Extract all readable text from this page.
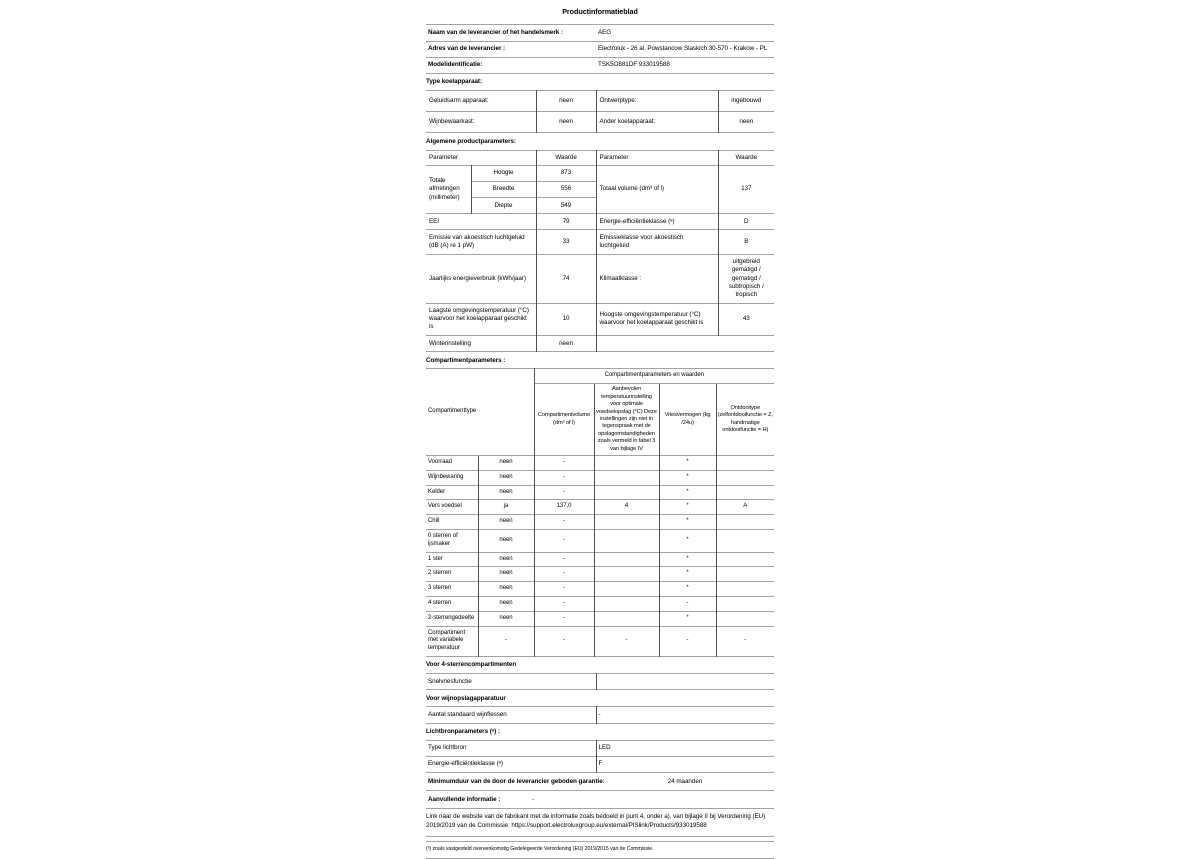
Productinformatieblad
Naam van de leverancier of het handelsmerk :	AEG
Adres van de leverancier :	Electrolux - 26 al. Powstancow Slaskich 30-570 - Krakow - PL
Modelidentificatie:	TSK5O881DF 933019588
Type koelapparaat:
Geluidsarm apparaat:	neen	Ontwerptype:	ingebouwd
Wijnbewaarkast:	neen	Ander koelapparaat:	neen
Algemene productparameters:
Parameter		Waarde	Parameter	Waarde
Totale afmetingen (millimeter)	Hoogte	873	Totaal volume (dm³ of l)	137
	Breedte	556		
	Diepte	549		
EEI		79	Energie-efficiëntieklasse (ᵃ)	D
Emissie van akoestisch luchtgeluid (dB (A) re 1 pW)		33	Emissieklasse voor akoestisch luchtgeluid	B
Jaarlijks energieverbruik (kWh/jaar)		74	Klimaatklasse :	uitgebreid gematigd / gematigd / subtropisch / tropisch
Laagste omgevingstemperatuur (°C) waarvoor het koelapparaat geschikt is		10	Hoogste omgevingstemperatuur (°C) waarvoor het koelapparaat geschikt is	43
Winterinstelling		neen		
Compartimentparameters :
Compartimenttype		Compartimentparameters en waarden			
		Compartimentvolume (dm³ of l)	Aanbevolen temperatuurinstelling voor optimale voedselopslag (°C) Deze instellingen zijn niet in tegenspraak met de opslagomstandigheden zoals vermeld in tabel 3 van bijlage IV	Vriesvermogen (kg /24u)	Ontdooitype (zelfontdooifunctie = Z, handmatige ontdooifunctie = H)
Voorraad	neen	-		*	
Wijnbewaring	neen	-		*	
Kelder	neen	-		*	
Vers voedsel	ja	137,0	4	*	A
Chill	neen	-		*	
0 sterren of ijsmaker	neen	-		*	
1 ster	neen	-		*	
2 sterren	neen	-		*	
3 sterren	neen	-		*	
4 sterren	neen	-		-	
2-sterrengedeelte	neen	-		*	
Compartiment met variabele temperatuur	-	-	-	-	-
Voor 4-sterrencompartimenten
Snelvriesfunctie	
Voor wijnopslagapparatuur
Aantal standaard wijnflessen	-
Lichtbronparameters (ᵃ) :
Type lichtbron	LED
Energie-efficiëntieklasse (ᵃ)	F
Minimumduur van de door de leverancier geboden garantie:	24 maanden
Aanvullende informatie :	-
Link naar de website van de fabrikant met de informatie zoals bedoeld in punt 4, onder a), van bijlage II bij Verordening (EU) 2019/2019 van de Commissie: https://support.electroluxgroup.eu/external/PISlink/Products/933019588
(ᵃ) zoals vastgesteld overeenkomstig Gedelegeerde Verordening (EU) 2019/2015 van de Commissie.
